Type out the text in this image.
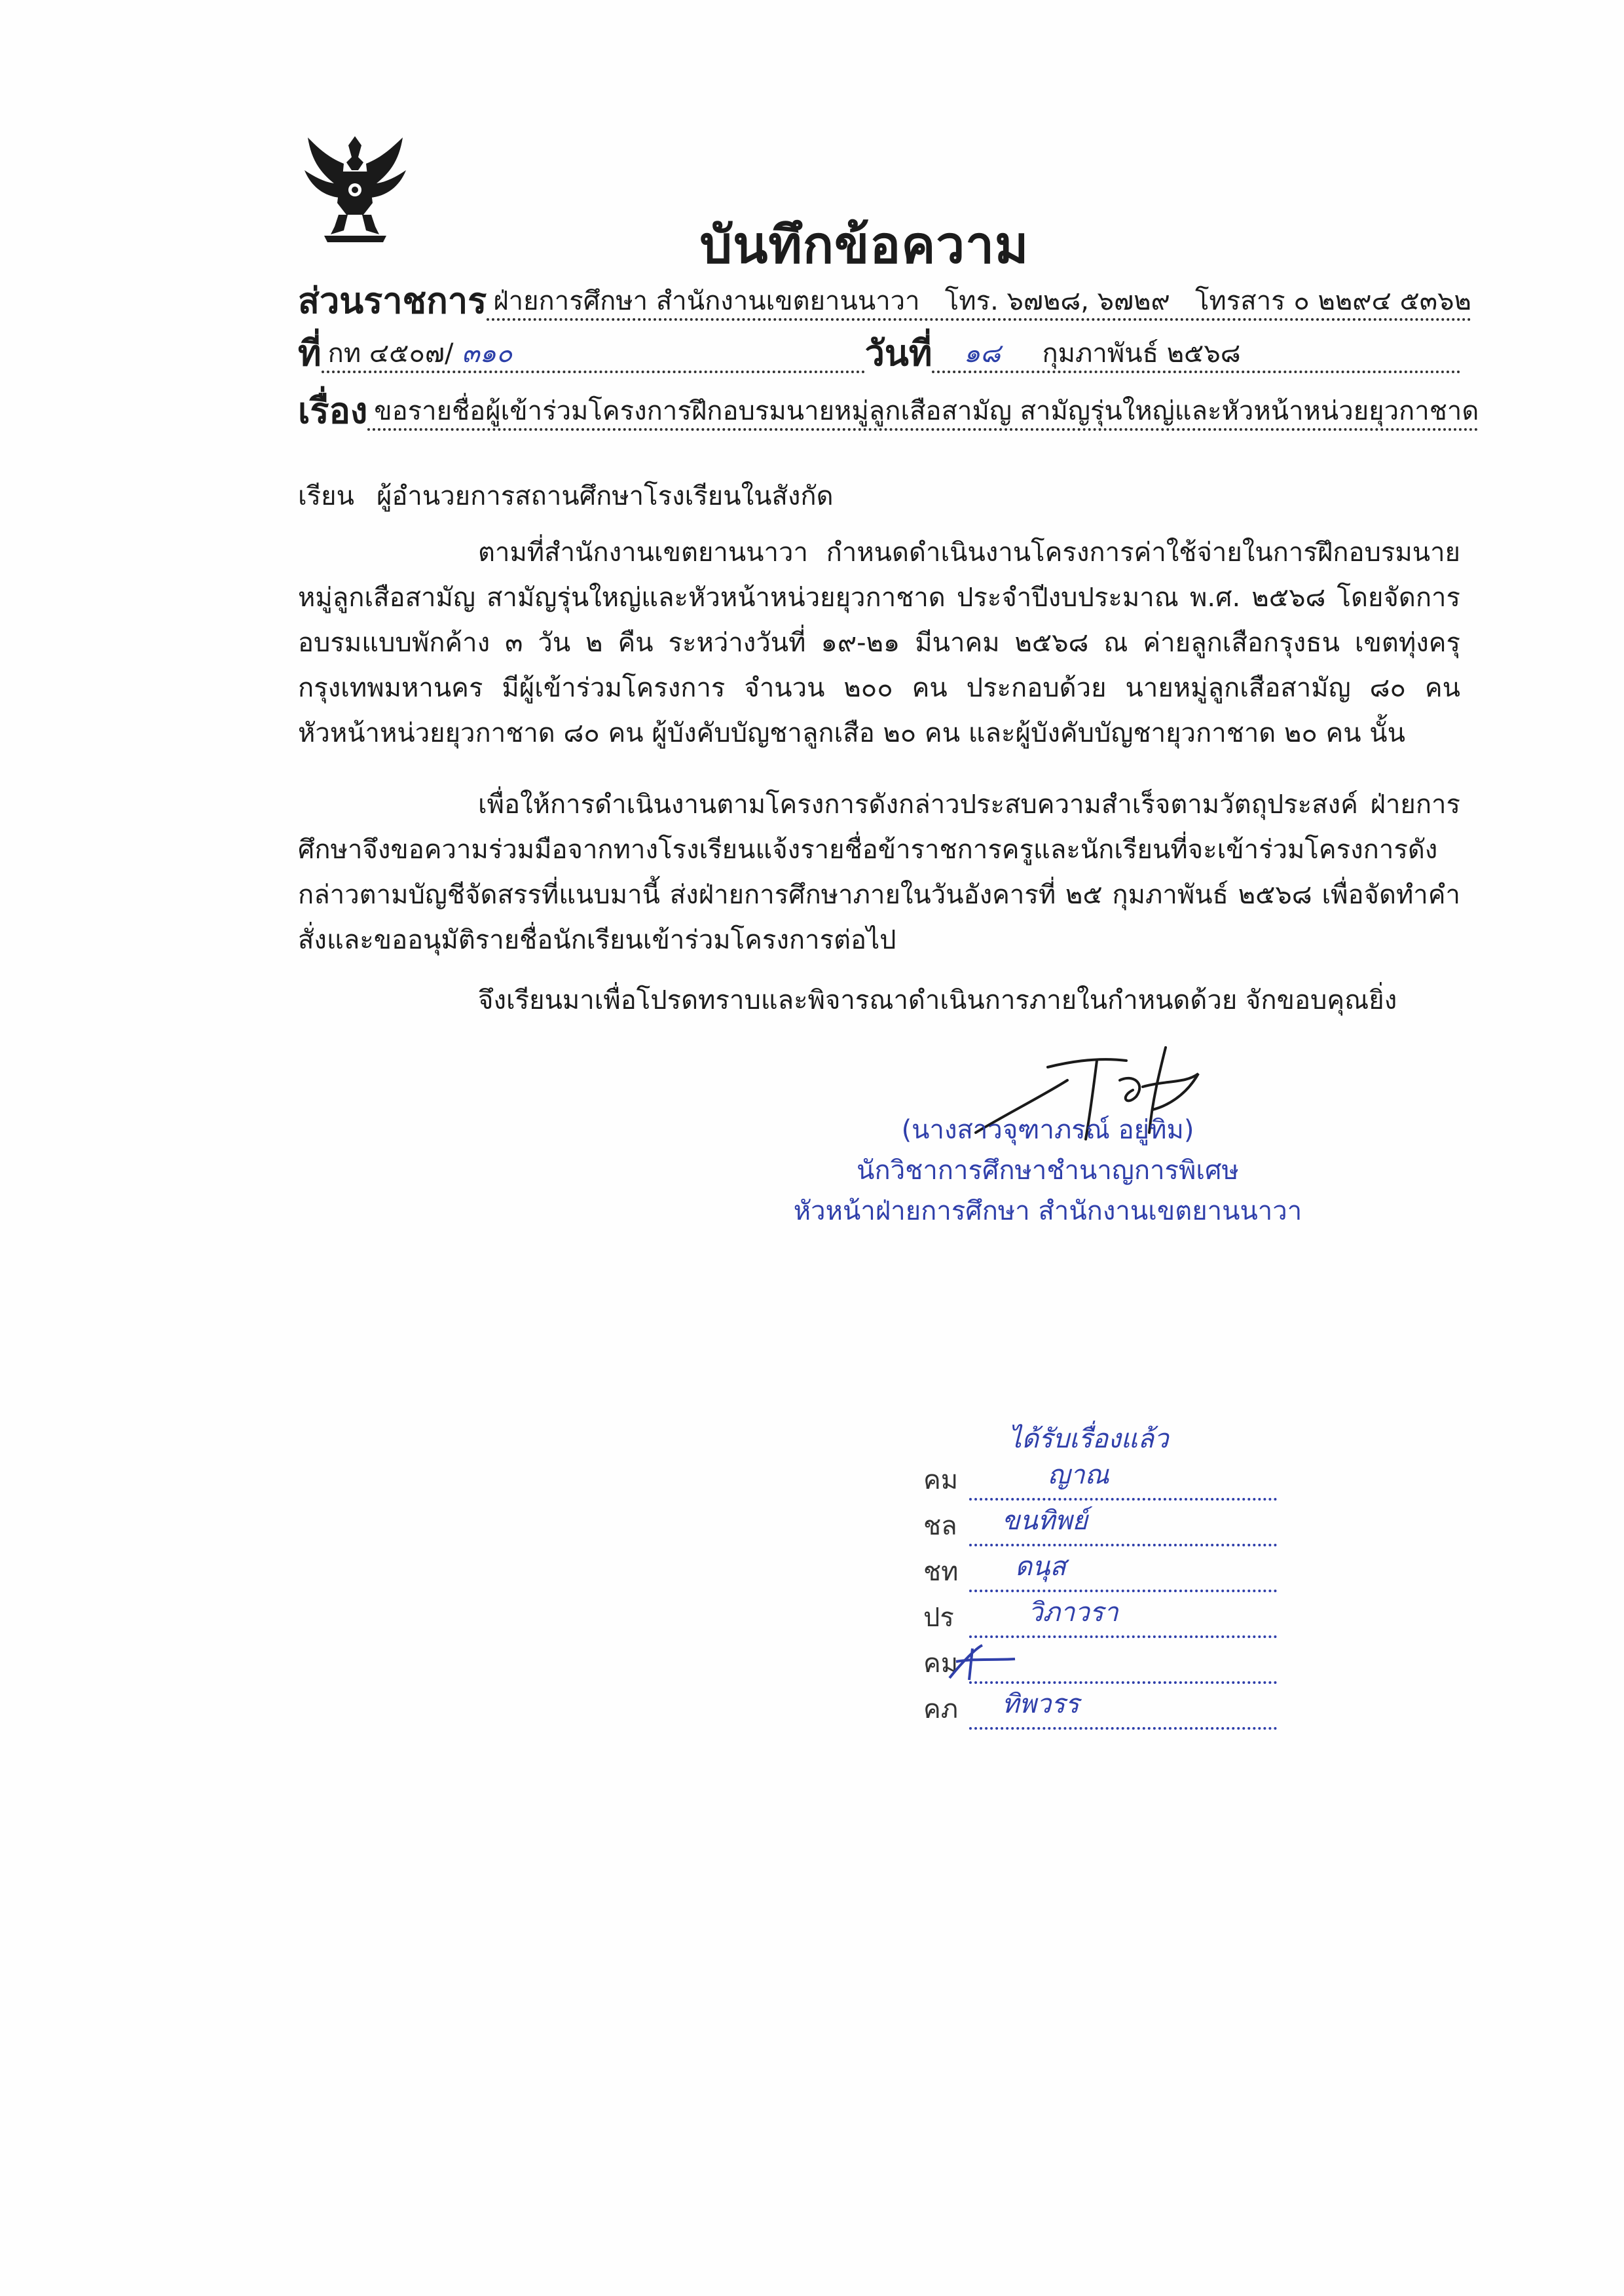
บันทึกข้อความ
ส่วนราชการ ฝ่ายการศึกษา สำนักงานเขตยานนาวา โทร. ๖๗๒๘, ๖๗๒๙ โทรสาร ๐ ๒๒๙๔ ๕๓๖๒
ที่ กท ๔๕๐๗/ ๓๑๐	วันที่	๑๘ กุมภาพันธ์ ๒๕๖๘
เรื่อง ขอรายชื่อผู้เข้าร่วมโครงการฝึกอบรมนายหมู่ลูกเสือสามัญ สามัญรุ่นใหญ่และหัวหน้าหน่วยยุวกาชาด
เรียน ผู้อำนวยการสถานศึกษาโรงเรียนในสังกัด
ตามที่สำนักงานเขตยานนาวา กำหนดดำเนินงานโครงการค่าใช้จ่ายในการฝึกอบรมนายหมู่ลูกเสือสามัญ สามัญรุ่นใหญ่และหัวหน้าหน่วยยุวกาชาด ประจำปีงบประมาณ พ.ศ. ๒๕๖๘ โดยจัดการอบรมแบบพักค้าง ๓ วัน ๒ คืน ระหว่างวันที่ ๑๙-๒๑ มีนาคม ๒๕๖๘ ณ ค่ายลูกเสือกรุงธน เขตทุ่งครุ กรุงเทพมหานคร มีผู้เข้าร่วมโครงการ จำนวน ๒๐๐ คน ประกอบด้วย นายหมู่ลูกเสือสามัญ ๘๐ คน หัวหน้าหน่วยยุวกาชาด ๘๐ คน ผู้บังคับบัญชาลูกเสือ ๒๐ คน และผู้บังคับบัญชายุวกาชาด ๒๐ คน นั้น
เพื่อให้การดำเนินงานตามโครงการดังกล่าวประสบความสำเร็จตามวัตถุประสงค์ ฝ่ายการศึกษาจึงขอความร่วมมือจากทางโรงเรียนแจ้งรายชื่อข้าราชการครูและนักเรียนที่จะเข้าร่วมโครงการดังกล่าวตามบัญชีจัดสรรที่แนบมานี้ ส่งฝ่ายการศึกษาภายในวันอังคารที่ ๒๕ กุมภาพันธ์ ๒๕๖๘ เพื่อจัดทำคำสั่งและขออนุมัติรายชื่อนักเรียนเข้าร่วมโครงการต่อไป
จึงเรียนมาเพื่อโปรดทราบและพิจารณาดำเนินการภายในกำหนดด้วย จักขอบคุณยิ่ง
(นางสาวจุฑาภรณ์ อยู่ทิม)
นักวิชาการศึกษาชำนาญการพิเศษ
หัวหน้าฝ่ายการศึกษา สำนักงานเขตยานนาวา
ได้รับเรื่องแล้ว
คม	ญาณ
ชล	ขนทิพย์
ชท	ดนุส
ปร	วิภาวรา
คม
คภ	ทิพวรร
